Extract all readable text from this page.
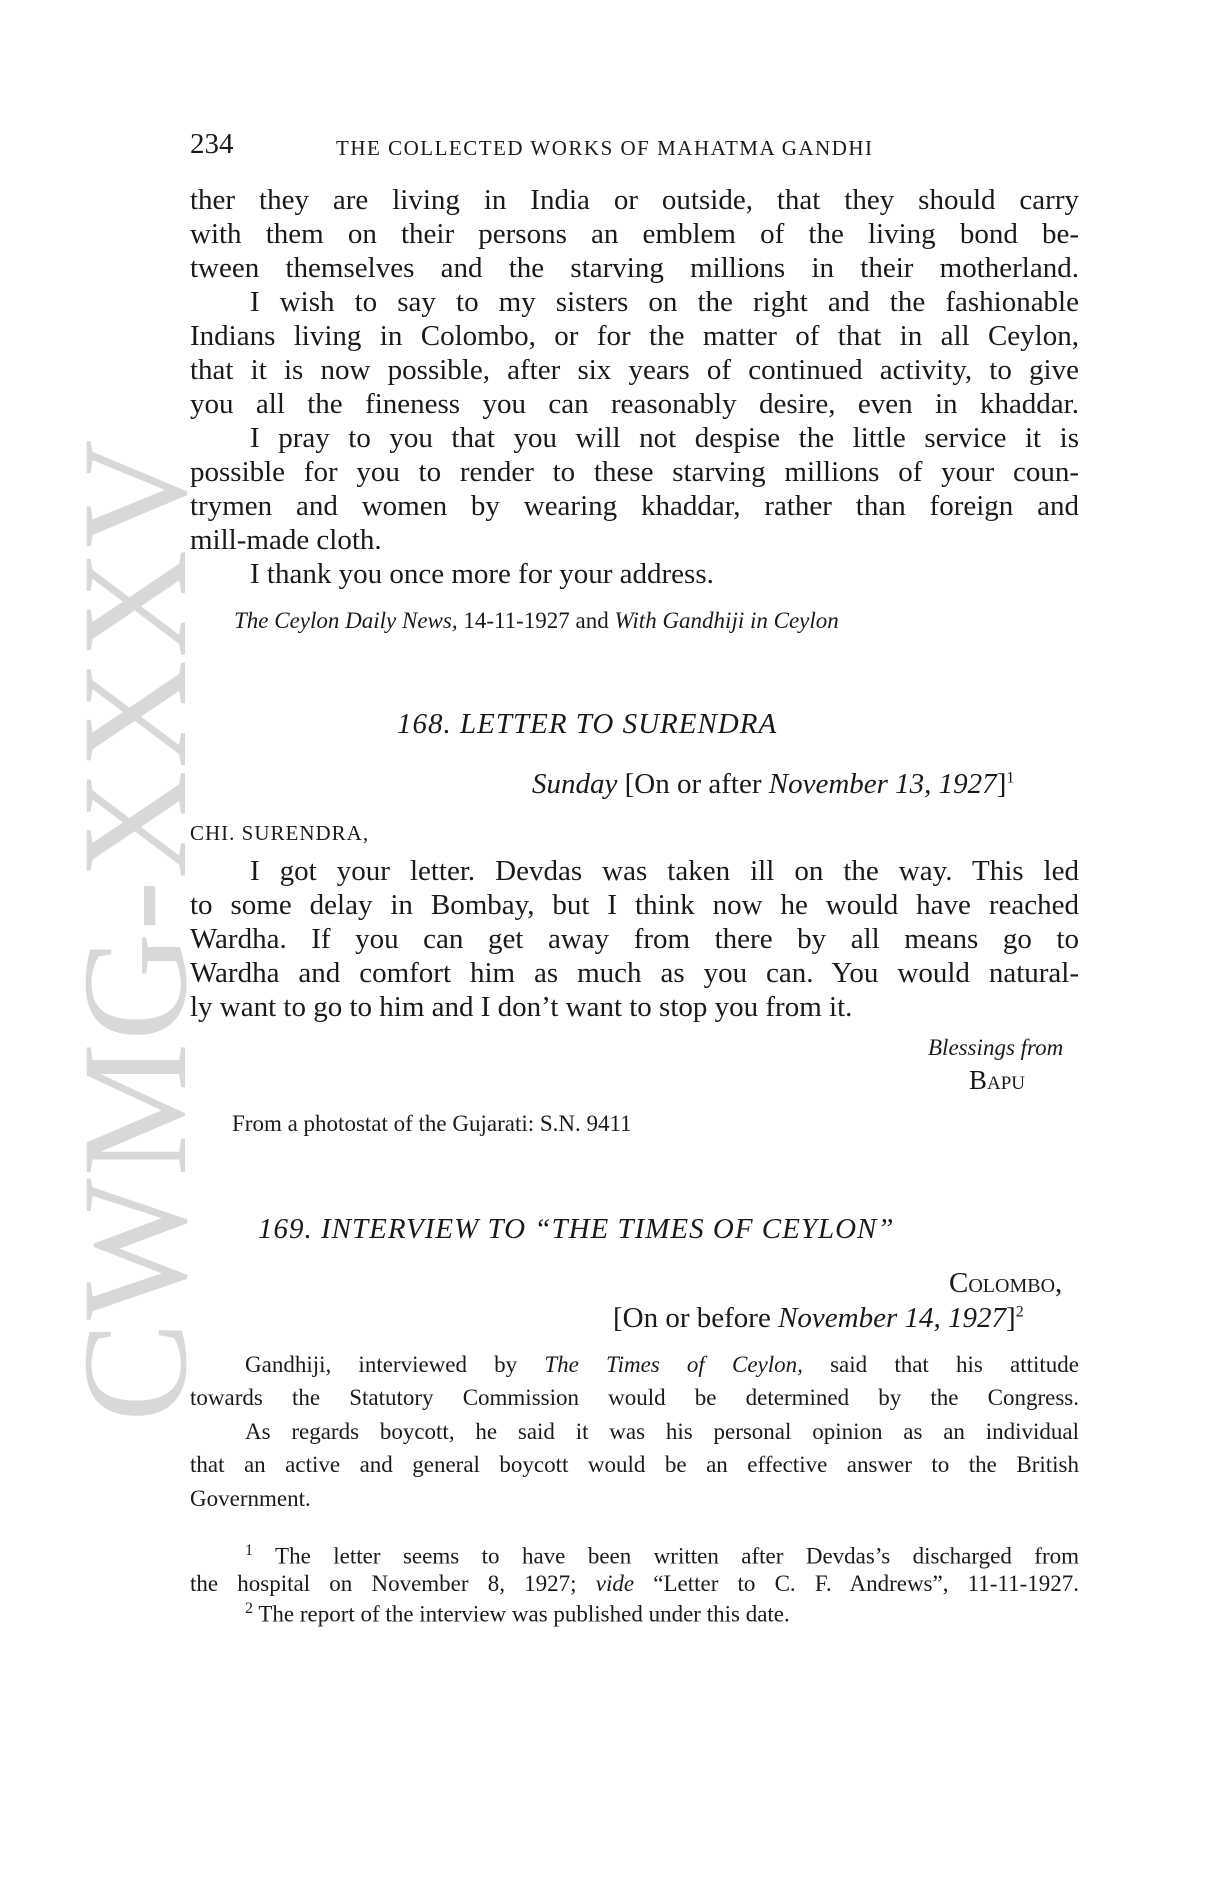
CWMG-XXXV
234	THE COLLECTED WORKS OF MAHATMA GANDHI
ther they are living in India or outside, that they should carry
with them on their persons an emblem of the living bond be-
tween themselves and the starving millions in their motherland.
I wish to say to my sisters on the right and the fashionable
Indians living in Colombo, or for the matter of that in all Ceylon,
that it is now possible, after six years of continued activity, to give
you all the fineness you can reasonably desire, even in khaddar.
I pray to you that you will not despise the little service it is
possible for you to render to these starving millions of your coun-
trymen and women by wearing khaddar, rather than foreign and
mill-made cloth.
I thank you once more for your address.
The Ceylon Daily News, 14-11-1927 and With Gandhiji in Ceylon
168. LETTER TO SURENDRA
Sunday [On or after November 13, 1927]$^1$
CHI. SURENDRA,
I got your letter. Devdas was taken ill on the way. This led
to some delay in Bombay, but I think now he would have reached
Wardha. If you can get away from there by all means go to
Wardha and comfort him as much as you can. You would natural-
ly want to go to him and I don’t want to stop you from it.
Blessings from
Bapu
From a photostat of the Gujarati: S.N. 9411
169. INTERVIEW TO “THE TIMES OF CEYLON”
Colombo,
[On or before November 14, 1927]$^2$
Gandhiji, interviewed by The Times of Ceylon, said that his attitude
towards the Statutory Commission would be determined by the Congress.
As regards boycott, he said it was his personal opinion as an individual
that an active and general boycott would be an effective answer to the British
Government.
$^1$ The letter seems to have been written after Devdas’s discharged from
the hospital on November 8, 1927; vide “Letter to C. F. Andrews”, 11-11-1927.
$^2$ The report of the interview was published under this date.
